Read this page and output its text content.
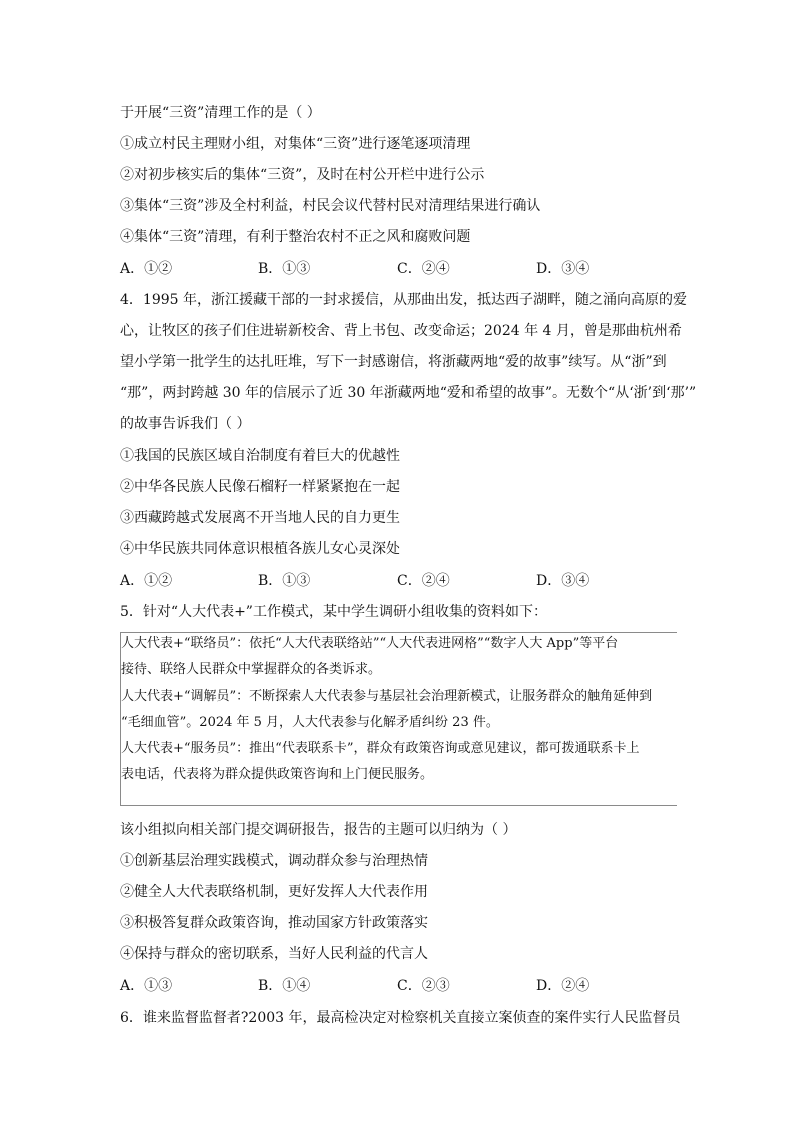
于开展“三资”清理工作的是（ ）
①成立村民主理财小组，对集体“三资”进行逐笔逐项清理
②对初步核实后的集体“三资”，及时在村公开栏中进行公示
③集体“三资”涉及全村利益，村民会议代替村民对清理结果进行确认
④集体“三资”清理，有利于整治农村不正之风和腐败问题
A．①②	B．①③	C．②④	D．③④
4．1995 年，浙江援藏干部的一封求援信，从那曲出发，抵达西子湖畔，随之涌向高原的爱
心，让牧区的孩子们住进崭新校舍、背上书包、改变命运；2024 年 4 月，曾是那曲杭州希
望小学第一批学生的达扎旺堆，写下一封感谢信，将浙藏两地“爱的故事”续写。从“浙”到
“那”，两封跨越 30 年的信展示了近 30 年浙藏两地“爱和希望的故事”。无数个“从‘浙’到‘那’”
的故事告诉我们（ ）
①我国的民族区域自治制度有着巨大的优越性
②中华各民族人民像石榴籽一样紧紧抱在一起
③西藏跨越式发展离不开当地人民的自力更生
④中华民族共同体意识根植各族儿女心灵深处
A．①②	B．①③	C．②④	D．③④
5．针对“人大代表+”工作模式，某中学生调研小组收集的资料如下：
人大代表+“联络员”：依托“人大代表联络站”“人大代表进网格”“数字人大 App”等平台
接待、联络人民群众中掌握群众的各类诉求。
人大代表+“调解员”：不断探索人大代表参与基层社会治理新模式，让服务群众的触角延伸到
“毛细血管”。2024 年 5 月，人大代表参与化解矛盾纠纷 23 件。
人大代表+“服务员”：推出“代表联系卡”，群众有政策咨询或意见建议，都可拨通联系卡上
表电话，代表将为群众提供政策咨询和上门便民服务。
该小组拟向相关部门提交调研报告，报告的主题可以归纳为（ ）
①创新基层治理实践模式，调动群众参与治理热情
②健全人大代表联络机制，更好发挥人大代表作用
③积极答复群众政策咨询，推动国家方针政策落实
④保持与群众的密切联系，当好人民利益的代言人
A．①③	B．①④	C．②③	D．②④
6．谁来监督监督者?2003 年，最高检决定对检察机关直接立案侦查的案件实行人民监督员
